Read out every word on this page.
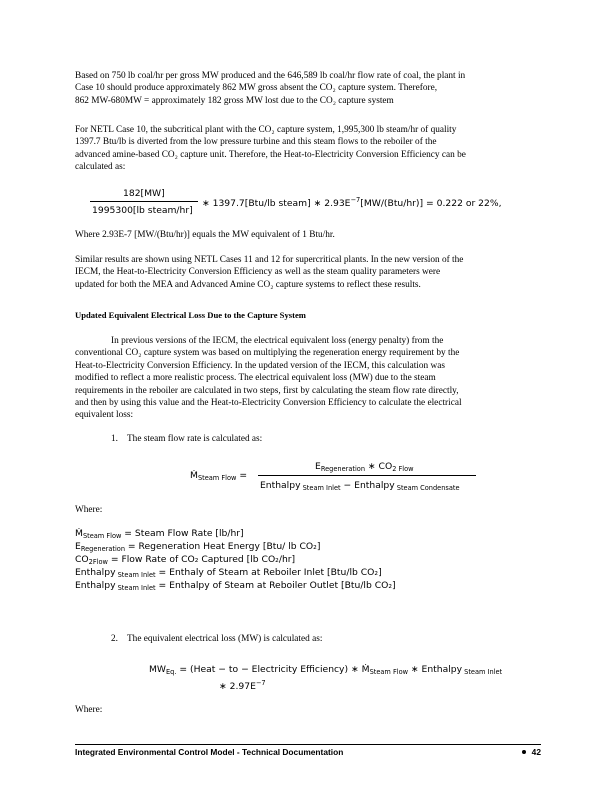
Based on 750 lb coal/hr per gross MW produced and the 646,589 lb coal/hr flow rate of coal, the plant in
Case 10 should produce approximately 862 MW gross absent the CO₂ capture system. Therefore,
862 MW-680MW = approximately 182 gross MW lost due to the CO₂ capture system
For NETL Case 10, the subcritical plant with the CO₂ capture system, 1,995,300 lb steam/hr of quality
1397.7 Btu/lb is diverted from the low pressure turbine and this steam flows to the reboiler of the
advanced amine-based CO₂ capture unit. Therefore, the Heat-to-Electricity Conversion Efficiency can be
calculated as:
182[MW]
1995300[lb steam/hr]
∗ 1397.7[Btu/lb steam] ∗ $2.93E^{-7}[MW/(Btu/hr)] = 0.222$ or 22%,
Where 2.93E-7 [MW/(Btu/hr)] equals the MW equivalent of 1 Btu/hr.
Similar results are shown using NETL Cases 11 and 12 for supercritical plants. In the new version of the
IECM, the Heat-to-Electricity Conversion Efficiency as well as the steam quality parameters were
updated for both the MEA and Advanced Amine CO₂ capture systems to reflect these results.
Updated Equivalent Electrical Loss Due to the Capture System
In previous versions of the IECM, the electrical equivalent loss (energy penalty) from the
conventional CO₂ capture system was based on multiplying the regeneration energy requirement by the
Heat-to-Electricity Conversion Efficiency. In the updated version of the IECM, this calculation was
modified to reflect a more realistic process. The electrical equivalent loss (MW) due to the steam
requirements in the reboiler are calculated in two steps, first by calculating the steam flow rate directly,
and then by using this value and the Heat-to-Electricity Conversion Efficiency to calculate the electrical
equivalent loss:
1. The steam flow rate is calculated as:
Ṁ$_{Steam Flow}$ =
$E_{Regeneration}$ ∗ $CO_{2 Flow}$
Enthalpy $_{Steam Inlet}$ − Enthalpy $_{Steam Condensate}$
Where:
Ṁ$_{Steam Flow}$ = Steam Flow Rate [lb/hr]
$E_{Regeneration}$ = Regeneration Heat Energy [Btu/ lb CO₂]
$CO_{2Flow}$ = Flow Rate of CO₂ Captured [lb CO₂/hr]
Enthalpy $_{Steam Inlet}$ = Enthaly of Steam at Reboiler Inlet [Btu/lb CO₂]
Enthalpy $_{Steam Inlet}$ = Enthalpy of Steam at Reboiler Outlet [Btu/lb CO₂]
2. The equivalent electrical loss (MW) is calculated as:
$MW_{Eq.}$ = (Heat − to − Electricity Efficiency) ∗ Ṁ$_{Steam Flow}$ ∗ Enthalpy $_{Steam Inlet}$
∗ $2.97E^{-7}$
Where:
Integrated Environmental Control Model - Technical Documentation	42
